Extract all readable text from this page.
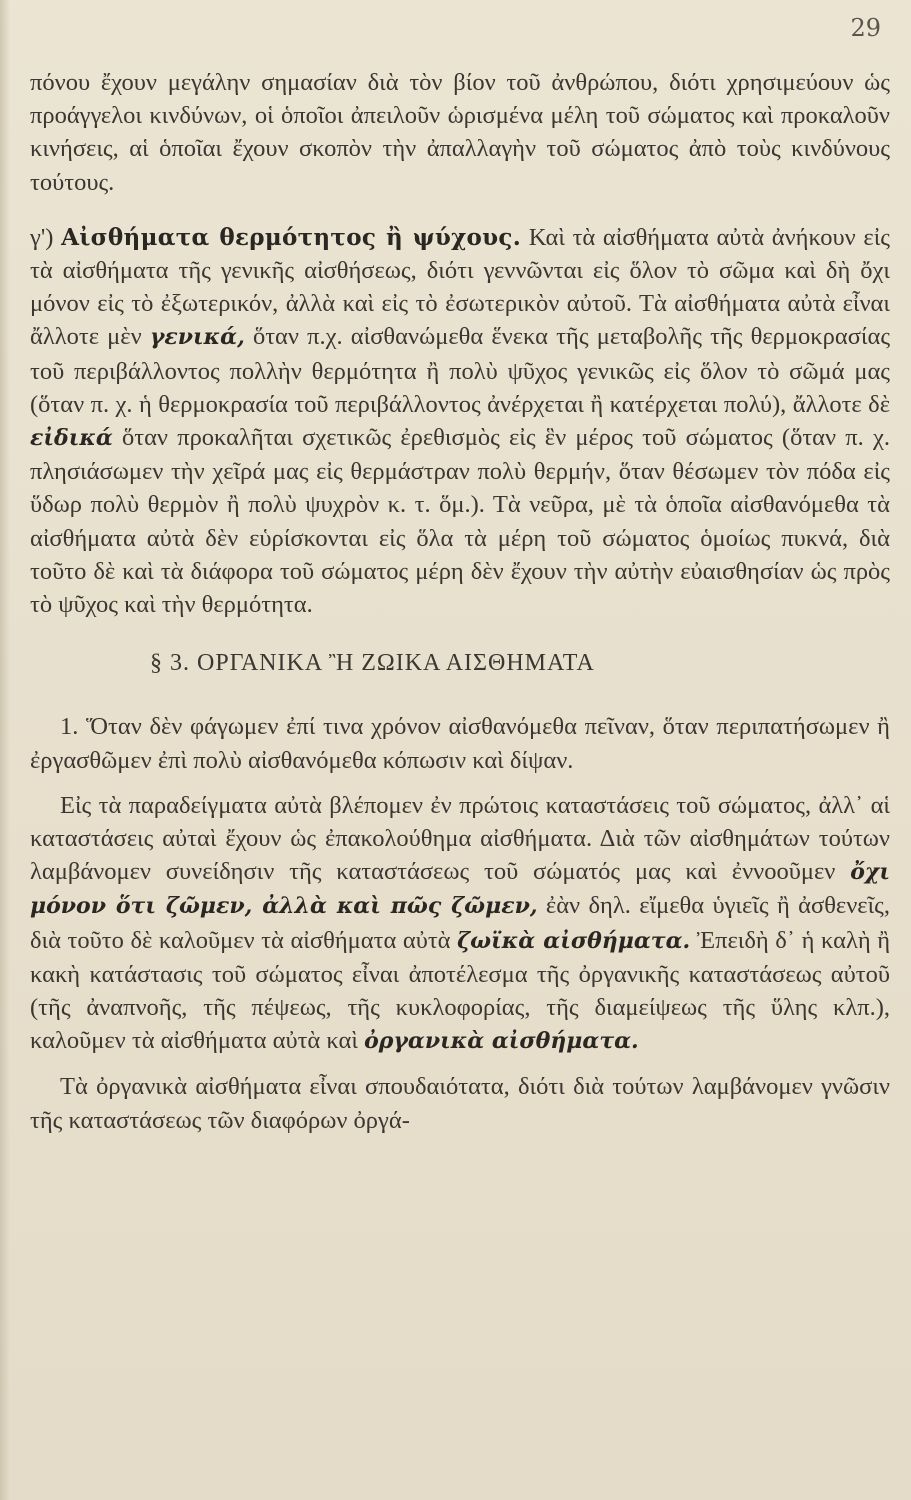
29

πόνου ἔχουν μεγάλην σημασίαν διὰ τὸν βίον τοῦ ἀνθρώπου, διότι χρησιμεύουν ὡς πρoάγγελοι κινδύνων, οἱ ὁποῖοι ἀπειλοῦν ὡρισμένα μέλη τοῦ σώματος καὶ προκαλοῦν κινήσεις, αἱ ὁποῖαι ἔχουν σκοπὸν τὴν ἀπαλλαγὴν τοῦ σώματος ἀπὸ τοὺς κινδύνους τούτους.

γ') Αἰσθήματα θερμότητος ἢ ψύχους. Καὶ τὰ αἰσθήματα αὐτὰ ἀνήκουν εἰς τὰ αἰσθήματα τῆς γενικῆς αἰσθήσεως, διότι γεννῶνται εἰς ὅλον τὸ σῶμα καὶ δὴ ὄχι μόνον εἰς τὸ ἐξωτερικόν, ἀλλὰ καὶ εἰς τὸ ἐσωτερικὸν αὐτοῦ. Τὰ αἰσθήματα αὐτὰ εἶναι ἄλλοτε μὲν γενικά, ὅταν π.χ. αἰσθανώμεθα ἕνεκα τῆς μεταβολῆς τῆς θερμοκρασίας τοῦ περιβάλλοντος πολλὴν θερμότητα ἢ πολὺ ψῦχος γενικῶς εἰς ὅλον τὸ σῶμά μας (ὅταν π. χ. ἡ θερμοκρασία τοῦ περιβάλλοντος ἀνέρχεται ἢ κατέρχεται πολύ), ἄλλοτε δὲ εἰδικά ὅταν προκαλῆται σχετικῶς ἐρεθισμὸς εἰς ἓν μέρος τοῦ σώματος (ὅταν π. χ. πλησιάσωμεν τὴν χεῖρά μας εἰς θερμάστραν πολὺ θερμήν, ὅταν θέσωμεν τὸν πόδα εἰς ὕδωρ πολὺ θερμὸν ἢ πολὺ ψυχρὸν κ. τ. ὅμ.). Τὰ νεῦρα, μὲ τὰ ὁποῖα αἰσθανόμεθα τὰ αἰσθήματα αὐτὰ δὲν εὑρίσκονται εἰς ὅλα τὰ μέρη τοῦ σώματος ὁμοίως πυκνά, διὰ τοῦτο δὲ καὶ τὰ διάφορα τοῦ σώματος μέρη δὲν ἔχουν τὴν αὐτὴν εὐαισθησίαν ὡς πρὸς τὸ ψῦχος καὶ τὴν θερμότητα.

§ 3. ΟΡΓΑΝΙΚΑ Ἢ ΖΩΙΚΑ ΑΙΣΘΗΜΑΤΑ

1. Ὅταν δὲν φάγωμεν ἐπί τινα χρόνον αἰσθανόμεθα πεῖναν, ὅταν περιπατήσωμεν ἢ ἐργασθῶμεν ἐπὶ πολὺ αἰσθανόμεθα κόπωσιν καὶ δίψαν.

Εἰς τὰ παραδείγματα αὐτὰ βλέπομεν ἐν πρώτοις καταστάσεις τοῦ σώματος, ἀλλ᾽ αἱ καταστάσεις αὐταὶ ἔχουν ὡς ἐπακολούθημα αἰσθήματα. Διὰ τῶν αἰσθημάτων τούτων λαμβάνομεν συνείδησιν τῆς καταστάσεως τοῦ σώματός μας καὶ ἐννοοῦμεν ὄχι μόνον ὅτι ζῶμεν, ἀλλὰ καὶ πῶς ζῶμεν, ἐὰν δηλ. εἴμεθα ὑγιεῖς ἢ ἀσθενεῖς, διὰ τοῦτο δὲ καλοῦμεν τὰ αἰσθήματα αὐτὰ ζωϊκὰ αἰσθήματα. Ἐπειδὴ δ᾽ ἡ καλὴ ἢ κακὴ κατάστασις τοῦ σώματος εἶναι ἀποτέλεσμα τῆς ὀργανικῆς καταστάσεως αὐτοῦ (τῆς ἀναπνοῆς, τῆς πέψεως, τῆς κυκλοφορίας, τῆς διαμείψεως τῆς ὕλης κλπ.), καλοῦμεν τὰ αἰσθήματα αὐτὰ καὶ ὀργανικὰ αἰσθήματα.

Τὰ ὀργανικὰ αἰσθήματα εἶναι σπουδαιότατα, διότι διὰ τούτων λαμβάνομεν γνῶσιν τῆς καταστάσεως τῶν διαφόρων ὀργά-
